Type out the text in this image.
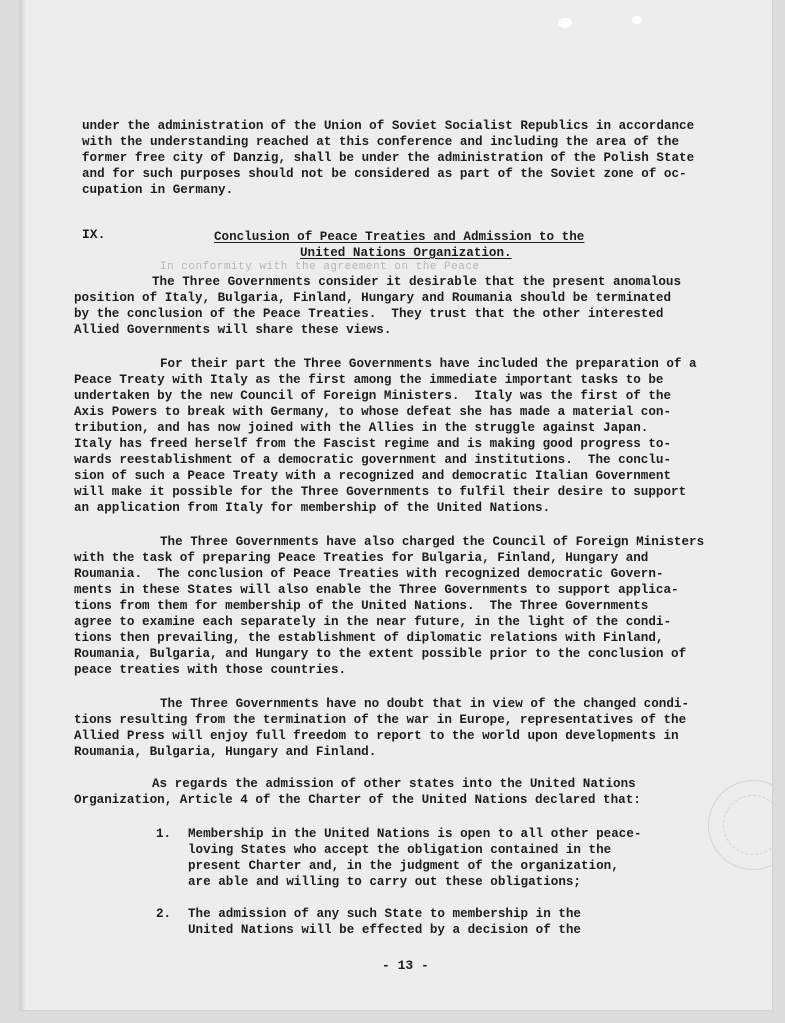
under the administration of the Union of Soviet Socialist Republics in accordance
with the understanding reached at this conference and including the area of the
former free city of Danzig, shall be under the administration of the Polish State
and for such purposes should not be considered as part of the Soviet zone of oc-
cupation in Germany.
IX.	Conclusion of Peace Treaties and Admission to the
United Nations Organization.
In conformity with the agreement on the Peace
The Three Governments consider it desirable that the present anomalous
position of Italy, Bulgaria, Finland, Hungary and Roumania should be terminated
by the conclusion of the Peace Treaties.  They trust that the other interested
Allied Governments will share these views.
For their part the Three Governments have included the preparation of a
Peace Treaty with Italy as the first among the immediate important tasks to be
undertaken by the new Council of Foreign Ministers.  Italy was the first of the
Axis Powers to break with Germany, to whose defeat she has made a material con-
tribution, and has now joined with the Allies in the struggle against Japan.
Italy has freed herself from the Fascist regime and is making good progress to-
wards reestablishment of a democratic government and institutions.  The conclu-
sion of such a Peace Treaty with a recognized and democratic Italian Government
will make it possible for the Three Governments to fulfil their desire to support
an application from Italy for membership of the United Nations.
The Three Governments have also charged the Council of Foreign Ministers
with the task of preparing Peace Treaties for Bulgaria, Finland, Hungary and
Roumania.  The conclusion of Peace Treaties with recognized democratic Govern-
ments in these States will also enable the Three Governments to support applica-
tions from them for membership of the United Nations.  The Three Governments
agree to examine each separately in the near future, in the light of the condi-
tions then prevailing, the establishment of diplomatic relations with Finland,
Roumania, Bulgaria, and Hungary to the extent possible prior to the conclusion of
peace treaties with those countries.
The Three Governments have no doubt that in view of the changed condi-
tions resulting from the termination of the war in Europe, representatives of the
Allied Press will enjoy full freedom to report to the world upon developments in
Roumania, Bulgaria, Hungary and Finland.
As regards the admission of other states into the United Nations
Organization, Article 4 of the Charter of the United Nations declared that:
1. Membership in the United Nations is open to all other peace-
loving States who accept the obligation contained in the
present Charter and, in the judgment of the organization,
are able and willing to carry out these obligations;
2. The admission of any such State to membership in the
United Nations will be effected by a decision of the
- 13 -
